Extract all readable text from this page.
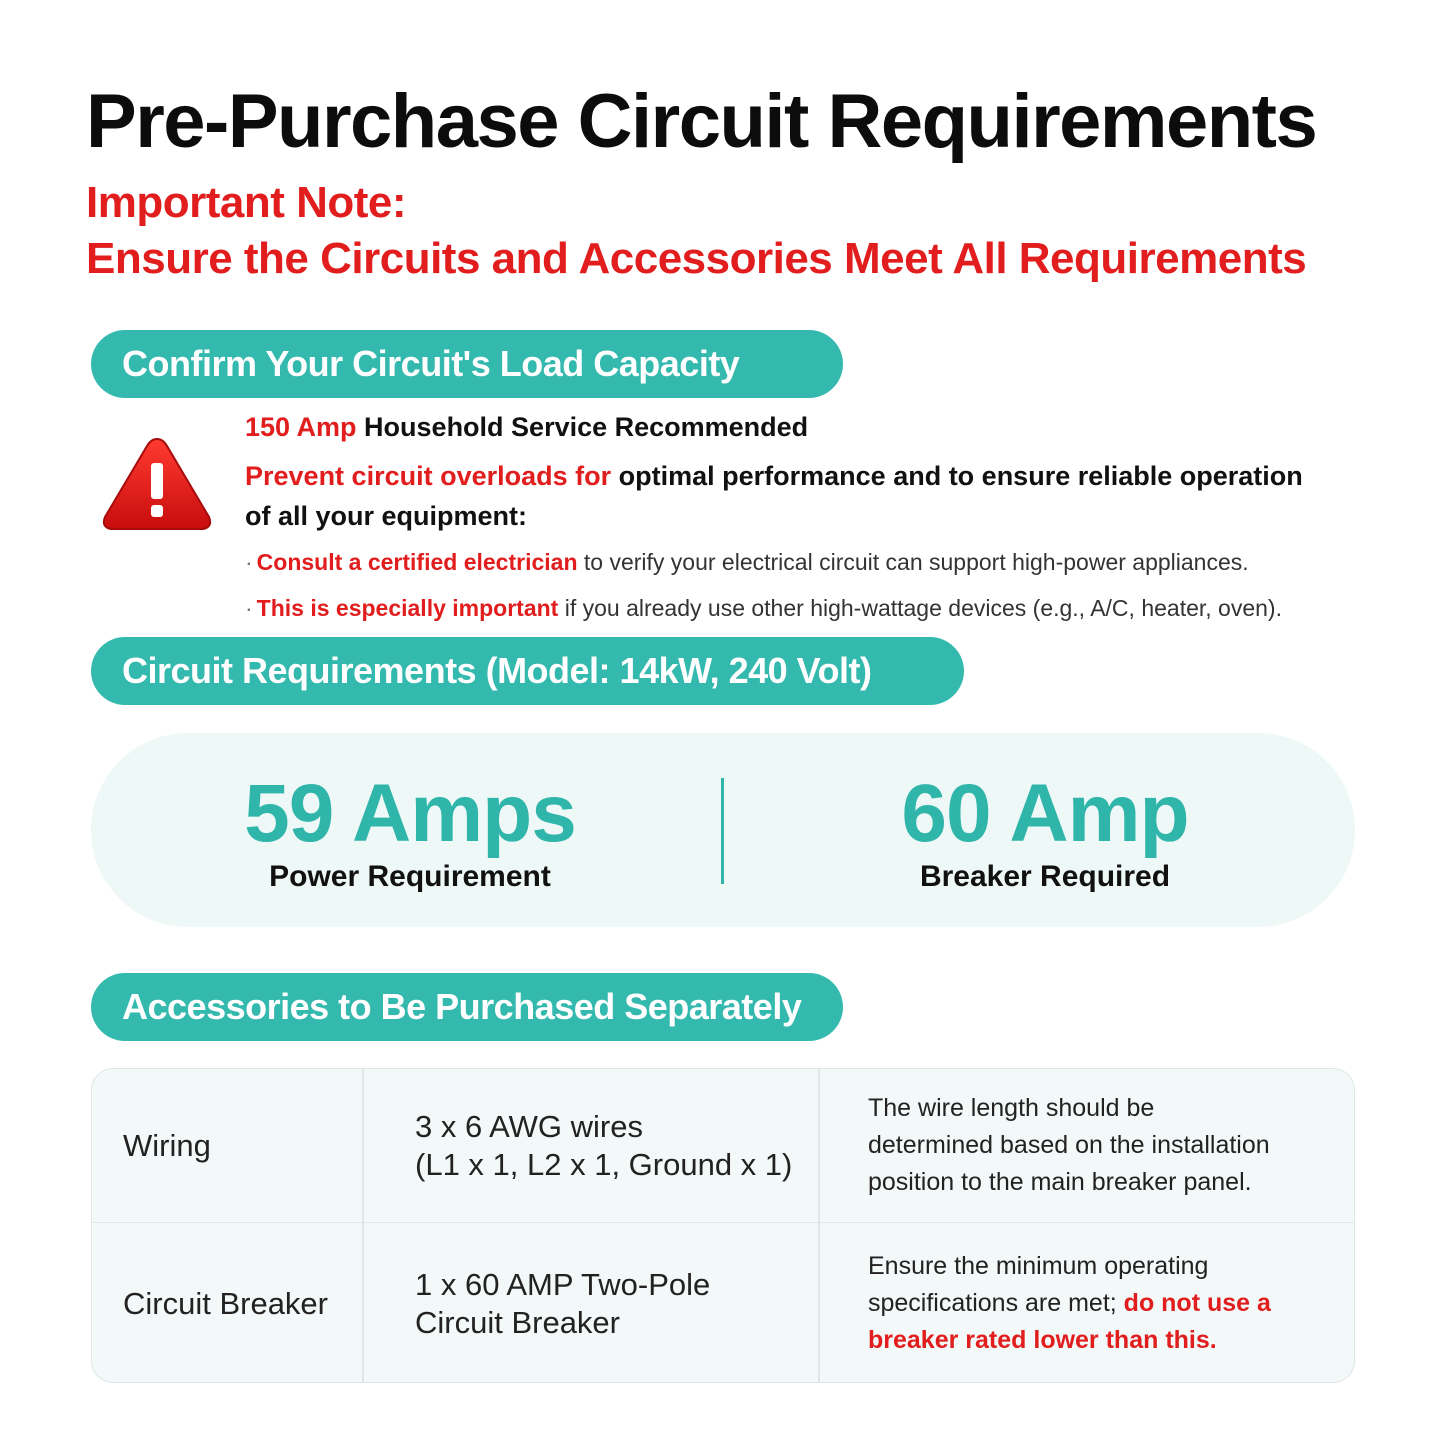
Pre-Purchase Circuit Requirements
Important Note:
Ensure the Circuits and Accessories Meet All Requirements
Confirm Your Circuit's Load Capacity
150 Amp Household Service Recommended
Prevent circuit overloads for optimal performance and to ensure reliable operation
of all your equipment:
· Consult a certified electrician to verify your electrical circuit can support high-power appliances.
· This is especially important if you already use other high-wattage devices (e.g., A/C, heater, oven).
Circuit Requirements (Model: 14kW, 240 Volt)
59 Amps
Power Requirement
60 Amp
Breaker Required
Accessories to Be Purchased Separately
Wiring
3 x 6 AWG wires
(L1 x 1, L2 x 1, Ground x 1)
The wire length should be
determined based on the installation
position to the main breaker panel.
Circuit Breaker
1 x 60 AMP Two-Pole
Circuit Breaker
Ensure the minimum operating
specifications are met; do not use a
breaker rated lower than this.
